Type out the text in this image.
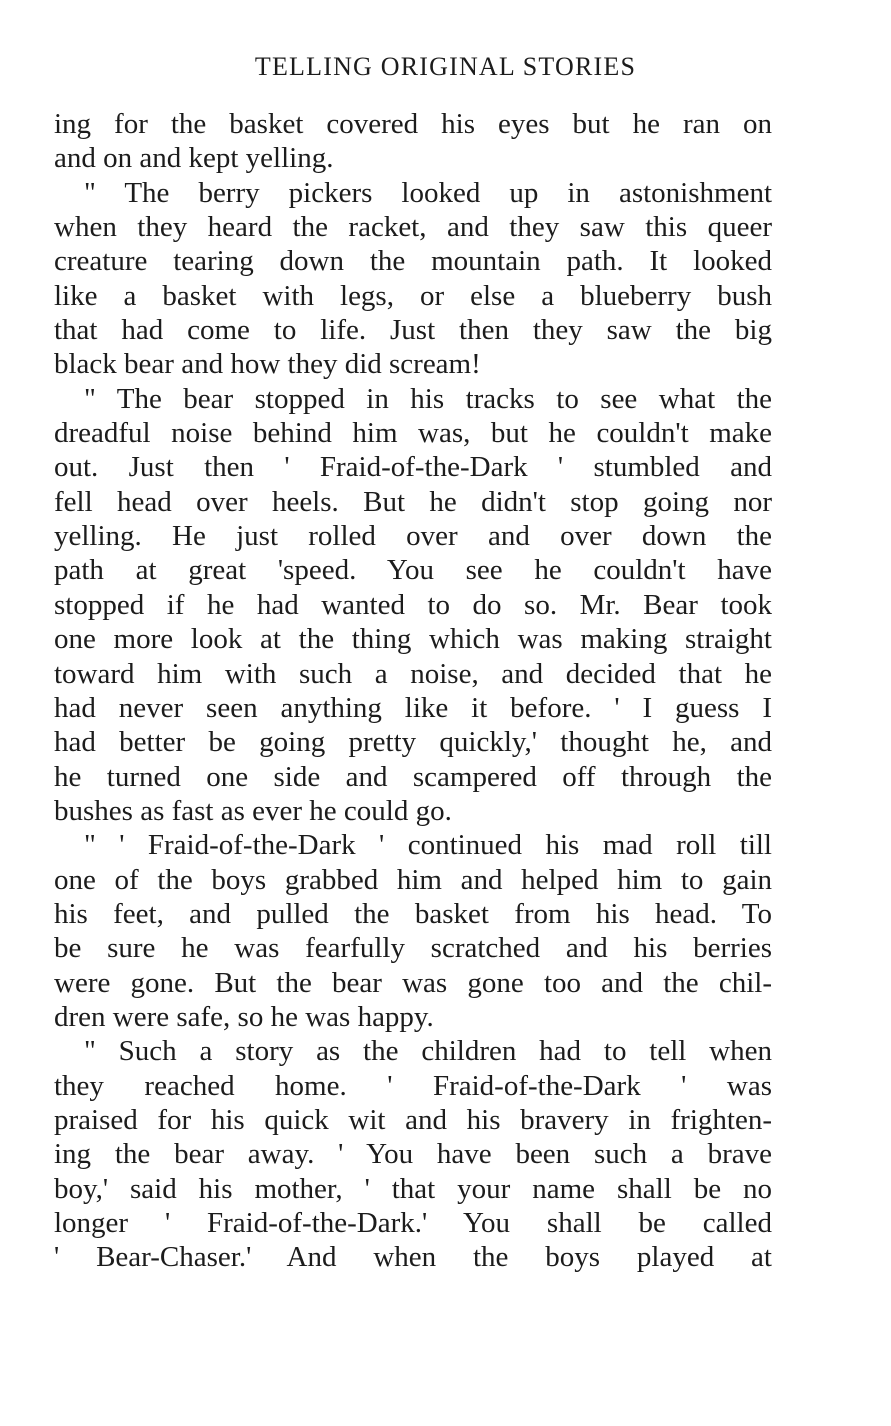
TELLING ORIGINAL STORIES
ing for the basket covered his eyes but he ran on
and on and kept yelling.
" The berry pickers looked up in astonishment
when they heard the racket, and they saw this queer
creature tearing down the mountain path. It looked
like a basket with legs, or else a blueberry bush
that had come to life. Just then they saw the big
black bear and how they did scream!
" The bear stopped in his tracks to see what the
dreadful noise behind him was, but he couldn't make
out. Just then ' Fraid-of-the-Dark ' stumbled and
fell head over heels. But he didn't stop going nor
yelling. He just rolled over and over down the
path at great 'speed. You see he couldn't have
stopped if he had wanted to do so. Mr. Bear took
one more look at the thing which was making straight
toward him with such a noise, and decided that he
had never seen anything like it before. ' I guess I
had better be going pretty quickly,' thought he, and
he turned one side and scampered off through the
bushes as fast as ever he could go.
" ' Fraid-of-the-Dark ' continued his mad roll till
one of the boys grabbed him and helped him to gain
his feet, and pulled the basket from his head. To
be sure he was fearfully scratched and his berries
were gone. But the bear was gone too and the chil-
dren were safe, so he was happy.
" Such a story as the children had to tell when
they reached home. ' Fraid-of-the-Dark ' was
praised for his quick wit and his bravery in frighten-
ing the bear away. ' You have been such a brave
boy,' said his mother, ' that your name shall be no
longer ' Fraid-of-the-Dark.' You shall be called
' Bear-Chaser.' And when the boys played at
